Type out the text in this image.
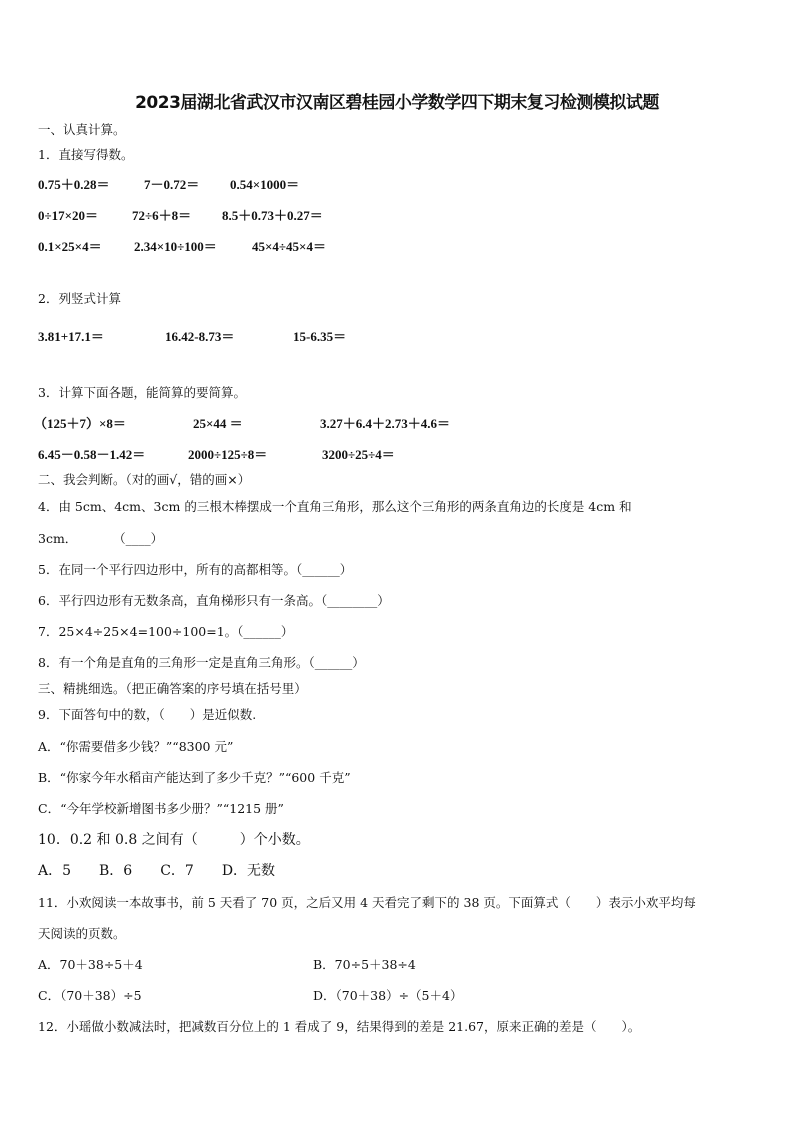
2023届湖北省武汉市汉南区碧桂园小学数学四下期末复习检测模拟试题
一、认真计算。
1．直接写得数。
0.75＋0.28＝	7－0.72＝ 0.54×1000＝
0÷17×20＝	72÷6＋8＝ 8.5＋0.73＋0.27＝
0.1×25×4＝ 2.34×10÷100＝	45×4÷45×4＝
2．列竖式计算
3.81+17.1＝	16.42-8.73＝	15-6.35＝
3．计算下面各题，能简算的要简算。
（125＋7）×8＝	25×44 ＝	3.27＋6.4＋2.73＋4.6＝
6.45－0.58－1.42＝	2000÷125÷8＝	3200÷25÷4＝
二、我会判断。（对的画√，错的画×）
4．由 5cm、4cm、3cm 的三根木棒摆成一个直角三角形，那么这个三角形的两条直角边的长度是 4cm 和
3cm．         （____）
5．在同一个平行四边形中，所有的高都相等。（______）
6．平行四边形有无数条高，直角梯形只有一条高。（________）
7．25×4÷25×4=100÷100=1。（______）
8．有一个角是直角的三角形一定是直角三角形。（______）
三、精挑细选。（把正确答案的序号填在括号里）
9．下面答句中的数，（　　）是近似数.
A．“你需要借多少钱？”“8300 元”
B．“你家今年水稻亩产能达到了多少千克？”“600 千克”
C．“今年学校新增图书多少册？”“1215 册”
10．0.2 和 0.8 之间有（　　　）个小数。
A．5　　B．6　　C．7　　D．无数
11．小欢阅读一本故事书，前 5 天看了 70 页，之后又用 4 天看完了剩下的 38 页。下面算式（　　）表示小欢平均每
天阅读的页数。
A．70＋38÷5＋4	B．70÷5＋38÷4
C．（70＋38）÷5	D．（70＋38）÷（5＋4）
12．小瑶做小数减法时，把减数百分位上的 1 看成了 9，结果得到的差是 21.67，原来正确的差是（　　）。
